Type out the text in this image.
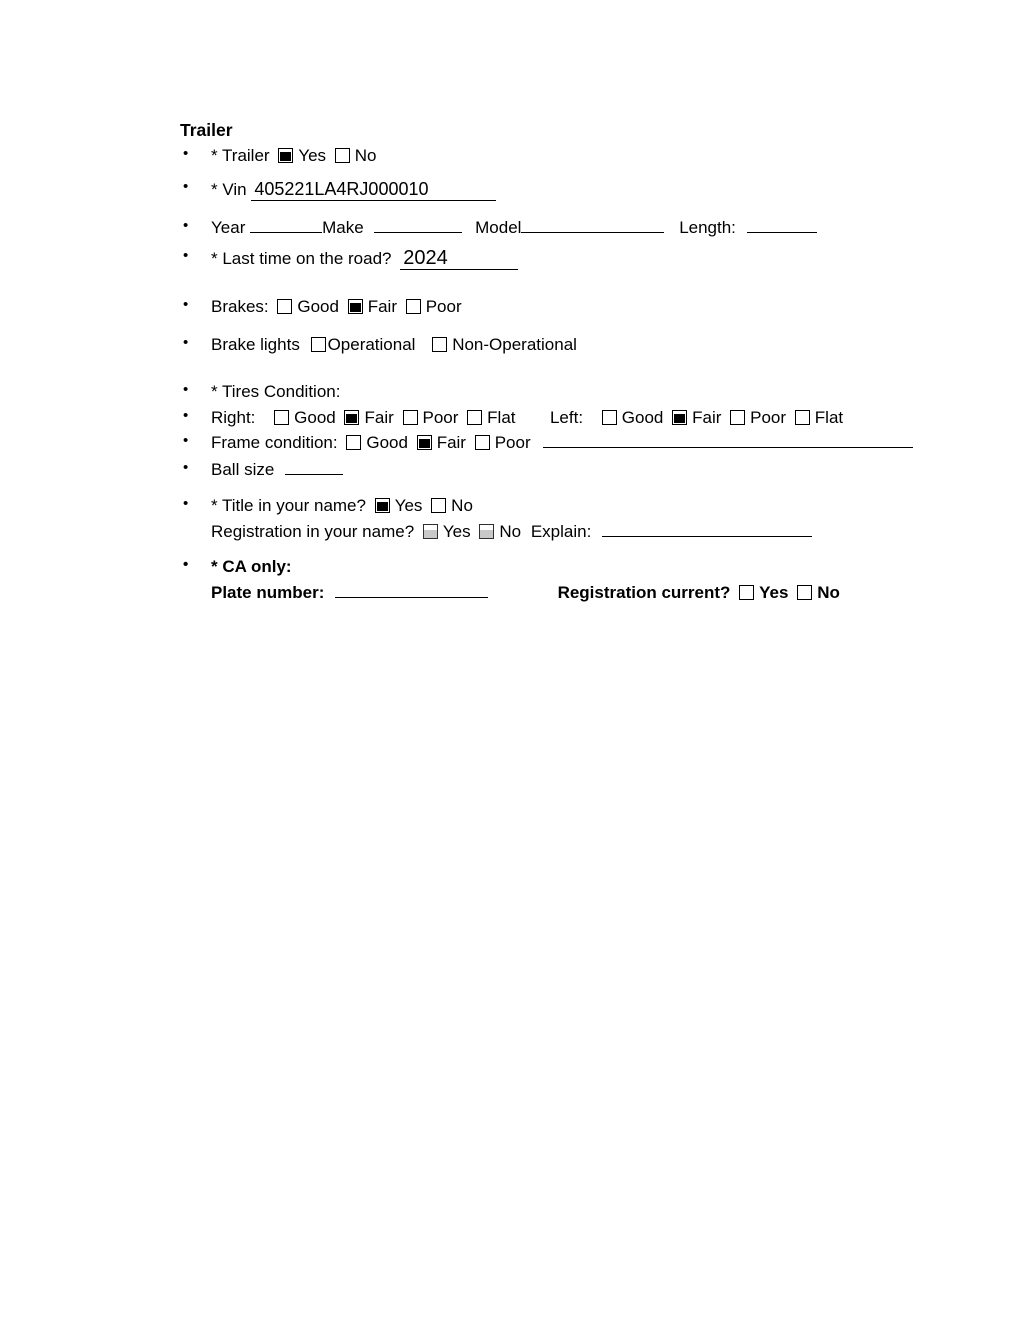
Trailer
• * Trailer Yes No
• * Vin 405221LA4RJ000010
• Year	Make	Model	Length:
• * Last time on the road? 2024
• Brakes: Good Fair Poor
• Brake lights Operational Non-Operational
• * Tires Condition:
• Right: Good Fair Poor Flat Left: Good Fair Poor Flat
• Frame condition: Good Fair Poor
• Ball size
• * Title in your name? Yes No
Registration in your name? Yes No Explain:
• * CA only:
Plate number:	Registration current? Yes No
